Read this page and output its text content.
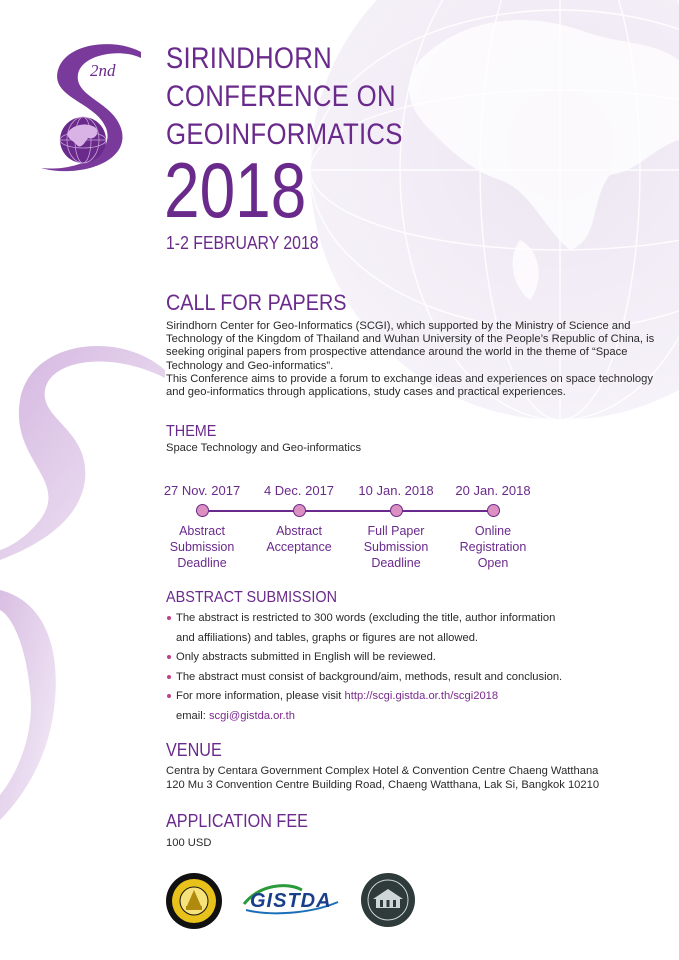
2nd SIRINDHORN
CONFERENCE ON
GEOINFORMATICS
2018
1-2 FEBRUARY 2018
CALL FOR PAPERS

Sirindhorn Center for Geo-Informatics (SCGI), which supported by the Ministry of Science and Technology of the Kingdom of Thailand and Wuhan University of the People’s Republic of China, is seeking original papers from prospective attendance around the world in the theme of “Space Technology and Geo-informatics”.

This Conference aims to provide a forum to exchange ideas and experiences on space technology and geo-informatics through applications, study cases and practical experiences.

THEME
Space Technology and Geo-informatics
27 Nov. 2017
Abstract
Submission
Deadline
4 Dec. 2017
Abstract
Acceptance
10 Jan. 2018
Full Paper
Submission
Deadline
20 Jan. 2018
Online
Registration
Open
ABSTRACT SUBMISSION
The abstract is restricted to 300 words (excluding the title, author information
and affiliations) and tables, graphs or figures are not allowed.
Only abstracts submitted in English will be reviewed.
The abstract must consist of background/aim, methods, result and conclusion.
For more information, please visit http://scgi.gistda.or.th/scgi2018
email: scgi@gistda.or.th
VENUE
Centra by Centara Government Complex Hotel & Convention Centre Chaeng Watthana
120 Mu 3 Convention Centre Building Road, Chaeng Watthana, Lak Si, Bangkok 10210
APPLICATION FEE
100 USD
GISTDA
